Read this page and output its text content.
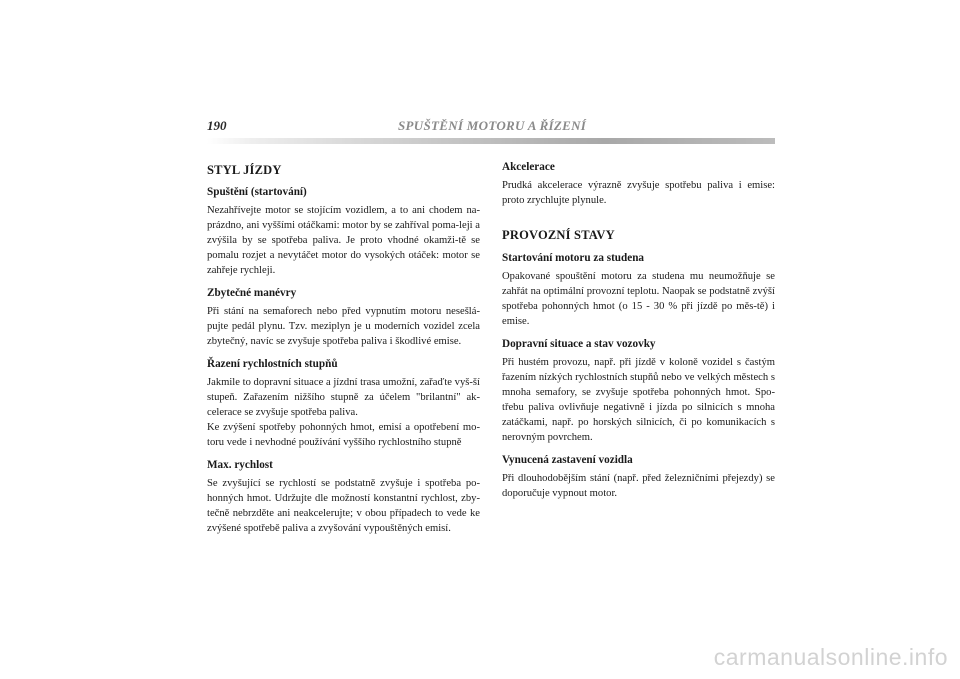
190	SPUŠTĚNÍ MOTORU A ŘÍZENÍ
STYL JÍZDY
Spuštění (startování)

Nezahřívejte motor se stojícím vozidlem, a to ani chodem na-prázdno, ani vyššími otáčkami: motor by se zahříval poma-leji a zvýšila by se spotřeba paliva. Je proto vhodné okamži-tě se pomalu rozjet a nevytáčet motor do vysokých otáček: motor se zahřeje rychleji.

Zbytečné manévry

Při stání na semaforech nebo před vypnutím motoru nesešlá-pujte pedál plynu. Tzv. meziplyn je u moderních vozidel zcela zbytečný, navíc se zvyšuje spotřeba paliva i škodlivé emise.

Řazení rychlostních stupňů

Jakmile to dopravní situace a jízdní trasa umožní, zařaďte vyš-ší stupeň. Zařazením nižšího stupně za účelem "brilantní" ak-celerace se zvyšuje spotřeba paliva.

Ke zvýšení spotřeby pohonných hmot, emisí a opotřebení mo-toru vede i nevhodné používání vyššího rychlostního stupně

Max. rychlost

Se zvyšující se rychlostí se podstatně zvyšuje i spotřeba po-honných hmot. Udržujte dle možností konstantní rychlost, zby-tečně nebrzděte ani neakcelerujte; v obou případech to vede ke zvýšené spotřebě paliva a zvyšování vypouštěných emisí.

Akcelerace

Prudká akcelerace výrazně zvyšuje spotřebu paliva i emise: proto zrychlujte plynule.

PROVOZNÍ STAVY
Startování motoru za studena

Opakované spouštění motoru za studena mu neumožňuje se zahřát na optimální provozní teplotu. Naopak se podstatně zvýší spotřeba pohonných hmot (o 15 - 30 % při jízdě po měs-tě) i emise.

Dopravní situace a stav vozovky

Při hustém provozu, např. při jízdě v koloně vozidel s častým řazením nízkých rychlostních stupňů nebo ve velkých městech s mnoha semafory, se zvyšuje spotřeba pohonných hmot. Spo-třebu paliva ovlivňuje negativně i jízda po silnicích s mnoha zatáčkami, např. po horských silnicích, či po komunikacích s nerovným povrchem.

Vynucená zastavení vozidla

Při dlouhodobějším stání (např. před železničními přejezdy) se doporučuje vypnout motor.

carmanualsonline.info
